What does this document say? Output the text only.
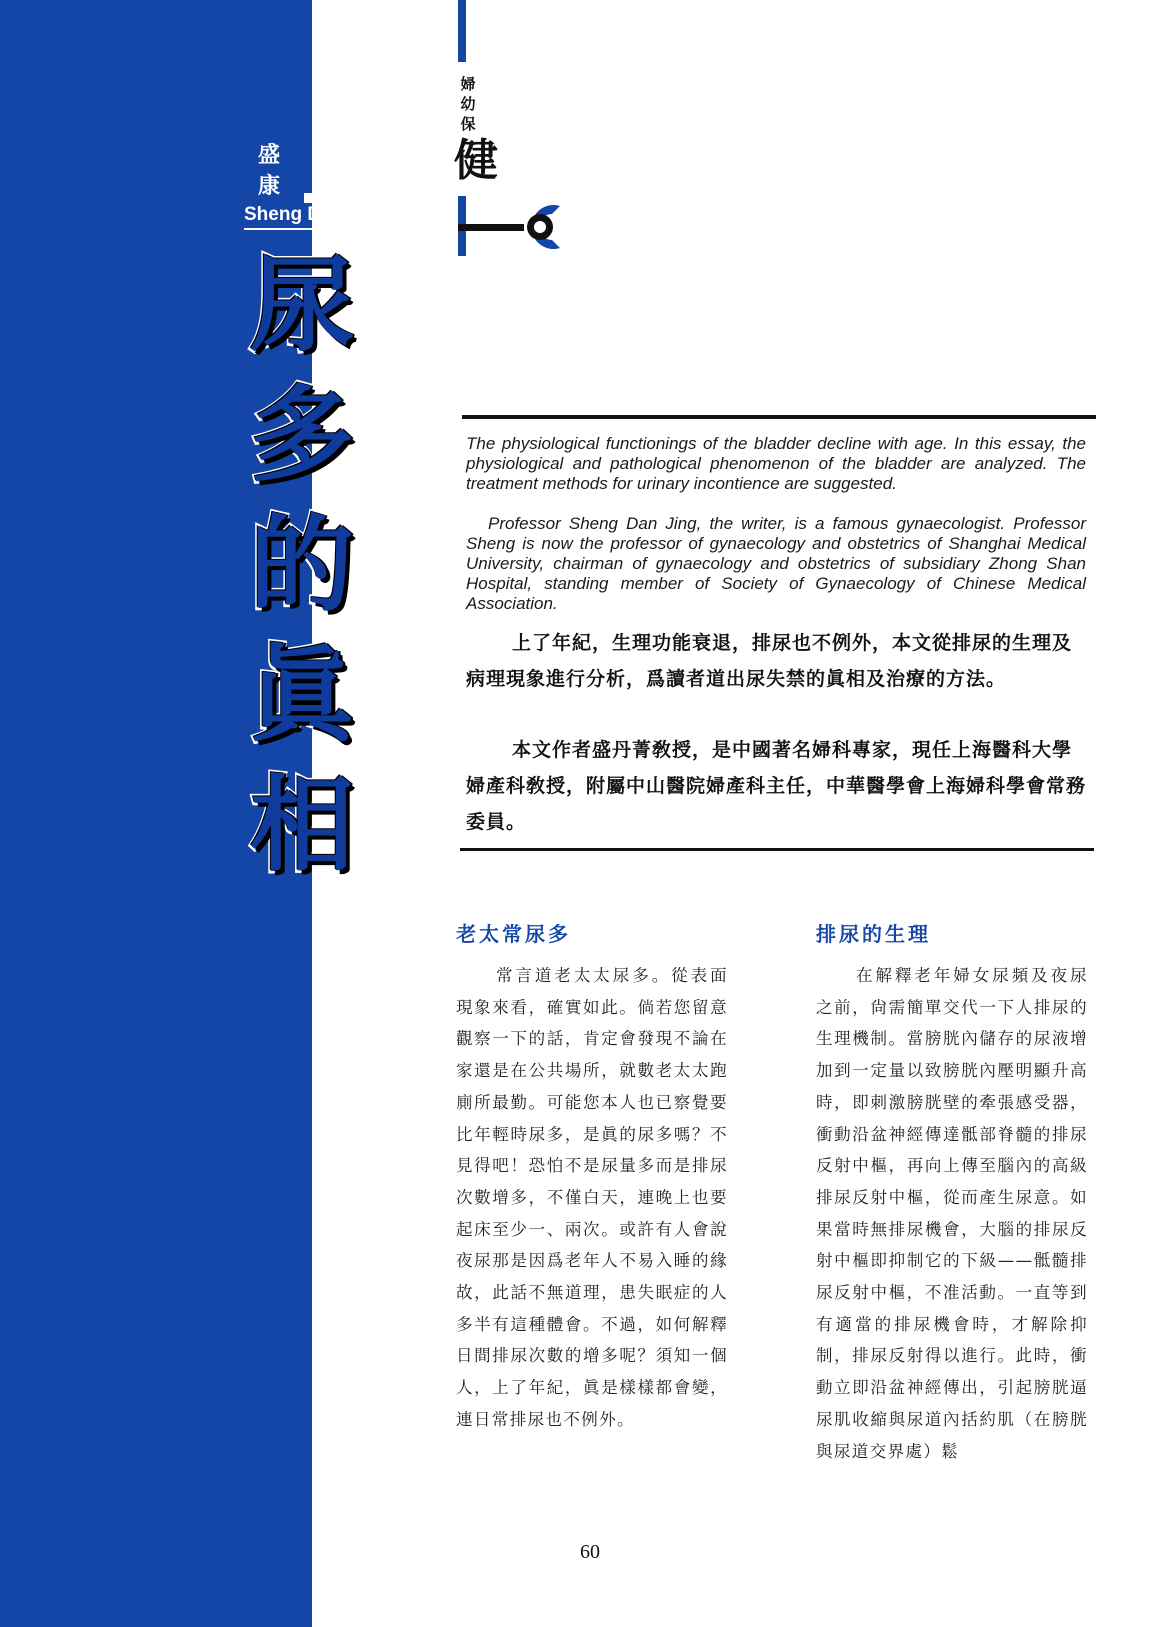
盛 丹 康
Sheng Dan Jing
尿
多
的
眞
相
婦
幼
保
健
The physiological functionings of the bladder decline with age. In this essay, the physiological and pathological phenomenon of the bladder are analyzed. The treatment methods for urinary incontience are suggested.
Professor Sheng Dan Jing, the writer, is a famous gynaecologist. Professor Sheng is now the professor of gynaecology and obstetrics of Shanghai Medical University, chairman of gynaecology and obstetrics of subsidiary Zhong Shan Hospital, standing member of Society of Gynaecology of Chinese Medical Association.
上了年紀，生理功能衰退，排尿也不例外，本文從排尿的生理及病理現象進行分析，爲讀者道出尿失禁的眞相及治療的方法。
本文作者盛丹菁敎授，是中國著名婦科專家，現任上海醫科大學婦產科敎授，附屬中山醫院婦產科主任，中華醫學會上海婦科學會常務委員。
老太常尿多
常言道老太太尿多。從表面現象來看，確實如此。倘若您留意觀察一下的話，肯定會發現不論在家還是在公共場所，就數老太太跑廁所最勤。可能您本人也已察覺要比年輕時尿多，是眞的尿多嗎？不見得吧！恐怕不是尿量多而是排尿次數增多，不僅白天，連晚上也要起床至少一、兩次。或許有人會說夜尿那是因爲老年人不易入睡的緣故，此話不無道理，患失眠症的人多半有這種體會。不過，如何解釋日間排尿次數的增多呢？須知一個人，上了年紀，眞是樣樣都會變，連日常排尿也不例外。
排尿的生理
在解釋老年婦女尿頻及夜尿之前，尙需簡單交代一下人排尿的生理機制。當膀胱內儲存的尿液增加到一定量以致膀胱內壓明顯升高時，即刺激膀胱壁的牽張感受器，衝動沿盆神經傳達骶部脊髓的排尿反射中樞，再向上傳至腦內的高級排尿反射中樞，從而產生尿意。如果當時無排尿機會，大腦的排尿反射中樞即抑制它的下級——骶髓排尿反射中樞，不准活動。一直等到有適當的排尿機會時，才解除抑制，排尿反射得以進行。此時，衝動立即沿盆神經傳出，引起膀胱逼尿肌收縮與尿道內括約肌（在膀胱與尿道交界處）鬆
60
